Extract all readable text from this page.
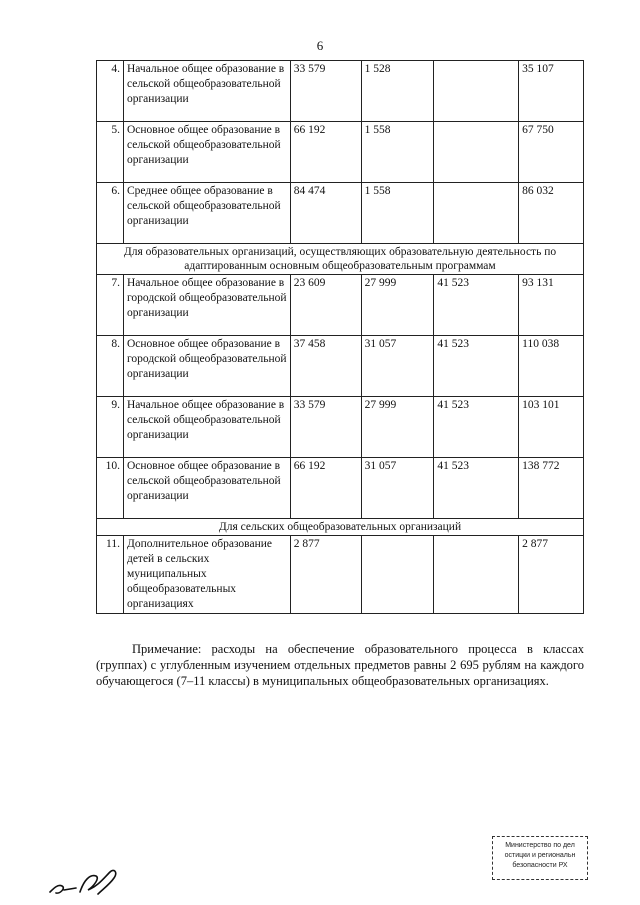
6
4.	Начальное общее образование в сельской общеобразовательной организации	33 579	1 528		35 107
5.	Основное общее образование в сельской общеобразовательной организации	66 192	1 558		67 750
6.	Среднее общее образование в сельской общеобразовательной организации	84 474	1 558		86 032
Для образовательных организаций, осуществляющих образовательную деятельность по адаптированным основным общеобразовательным программам					
7.	Начальное общее образование в городской общеобразовательной организации	23 609	27 999	41 523	93 131
8.	Основное общее образование в городской общеобразовательной организации	37 458	31 057	41 523	110 038
9.	Начальное общее образование в сельской общеобразовательной организации	33 579	27 999	41 523	103 101
10.	Основное общее образование в сельской общеобразовательной организации	66 192	31 057	41 523	138 772
Для сельских общеобразовательных организаций					
11.	Дополнительное образование детей в сельских муниципальных общеобразовательных организациях	2 877			2 877
Примечание: расходы на обеспечение образовательного процесса в классах (группах) с углубленным изучением отдельных предметов равны 2 695 рублям на каждого обучающегося (7–11 классы) в муниципальных общеобразовательных организациях.
Министерство по дел
остицки и региональн
безопасности РХ
